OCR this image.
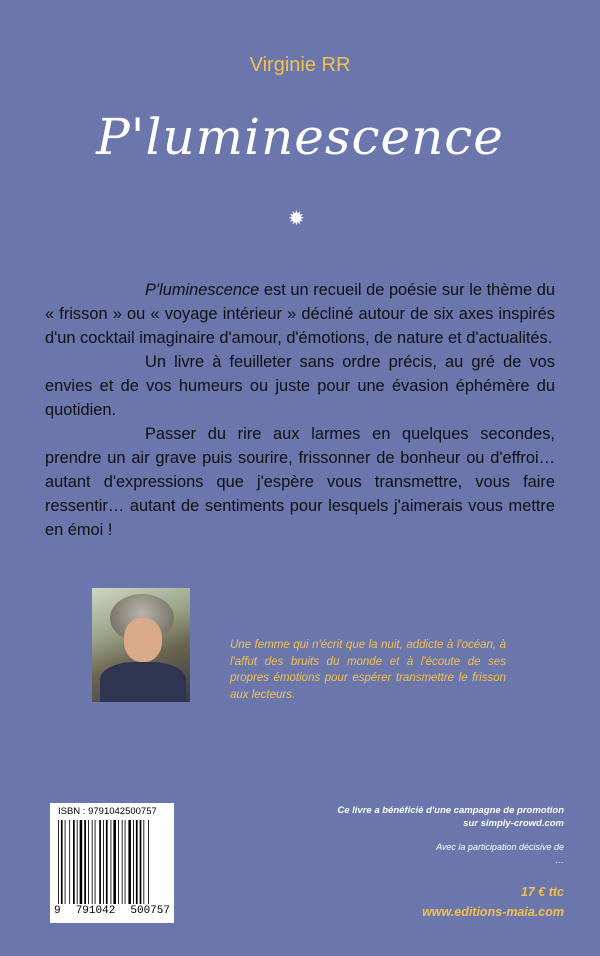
Virginie RR
P'luminescence
✹

P'luminescence est un recueil de poésie sur le thème du « frisson » ou « voyage intérieur » décliné autour de six axes inspirés d'un cocktail imaginaire d'amour, d'émotions, de nature et d'actualités.

Un livre à feuilleter sans ordre précis, au gré de vos envies et de vos humeurs ou juste pour une évasion éphémère du quotidien.

Passer du rire aux larmes en quelques secondes, prendre un air grave puis sourire, frissonner de bonheur ou d'effroi… autant d'expressions que j'espère vous transmettre, vous faire ressentir… autant de sentiments pour lesquels j'aimerais vous mettre en émoi !

Une femme qui n'écrit que la nuit, addicte à l'océan, à l'affut des bruits du monde et à l'écoute de ses propres émotions pour espérer transmettre le frisson aux lecteurs.
ISBN : 9791042500757
9 791042 500757
Ce livre a bénéficié d'une campagne de promotion
sur simply-crowd.com
Avec la participation décisive de
…
17 € ttc
www.editions-maia.com
